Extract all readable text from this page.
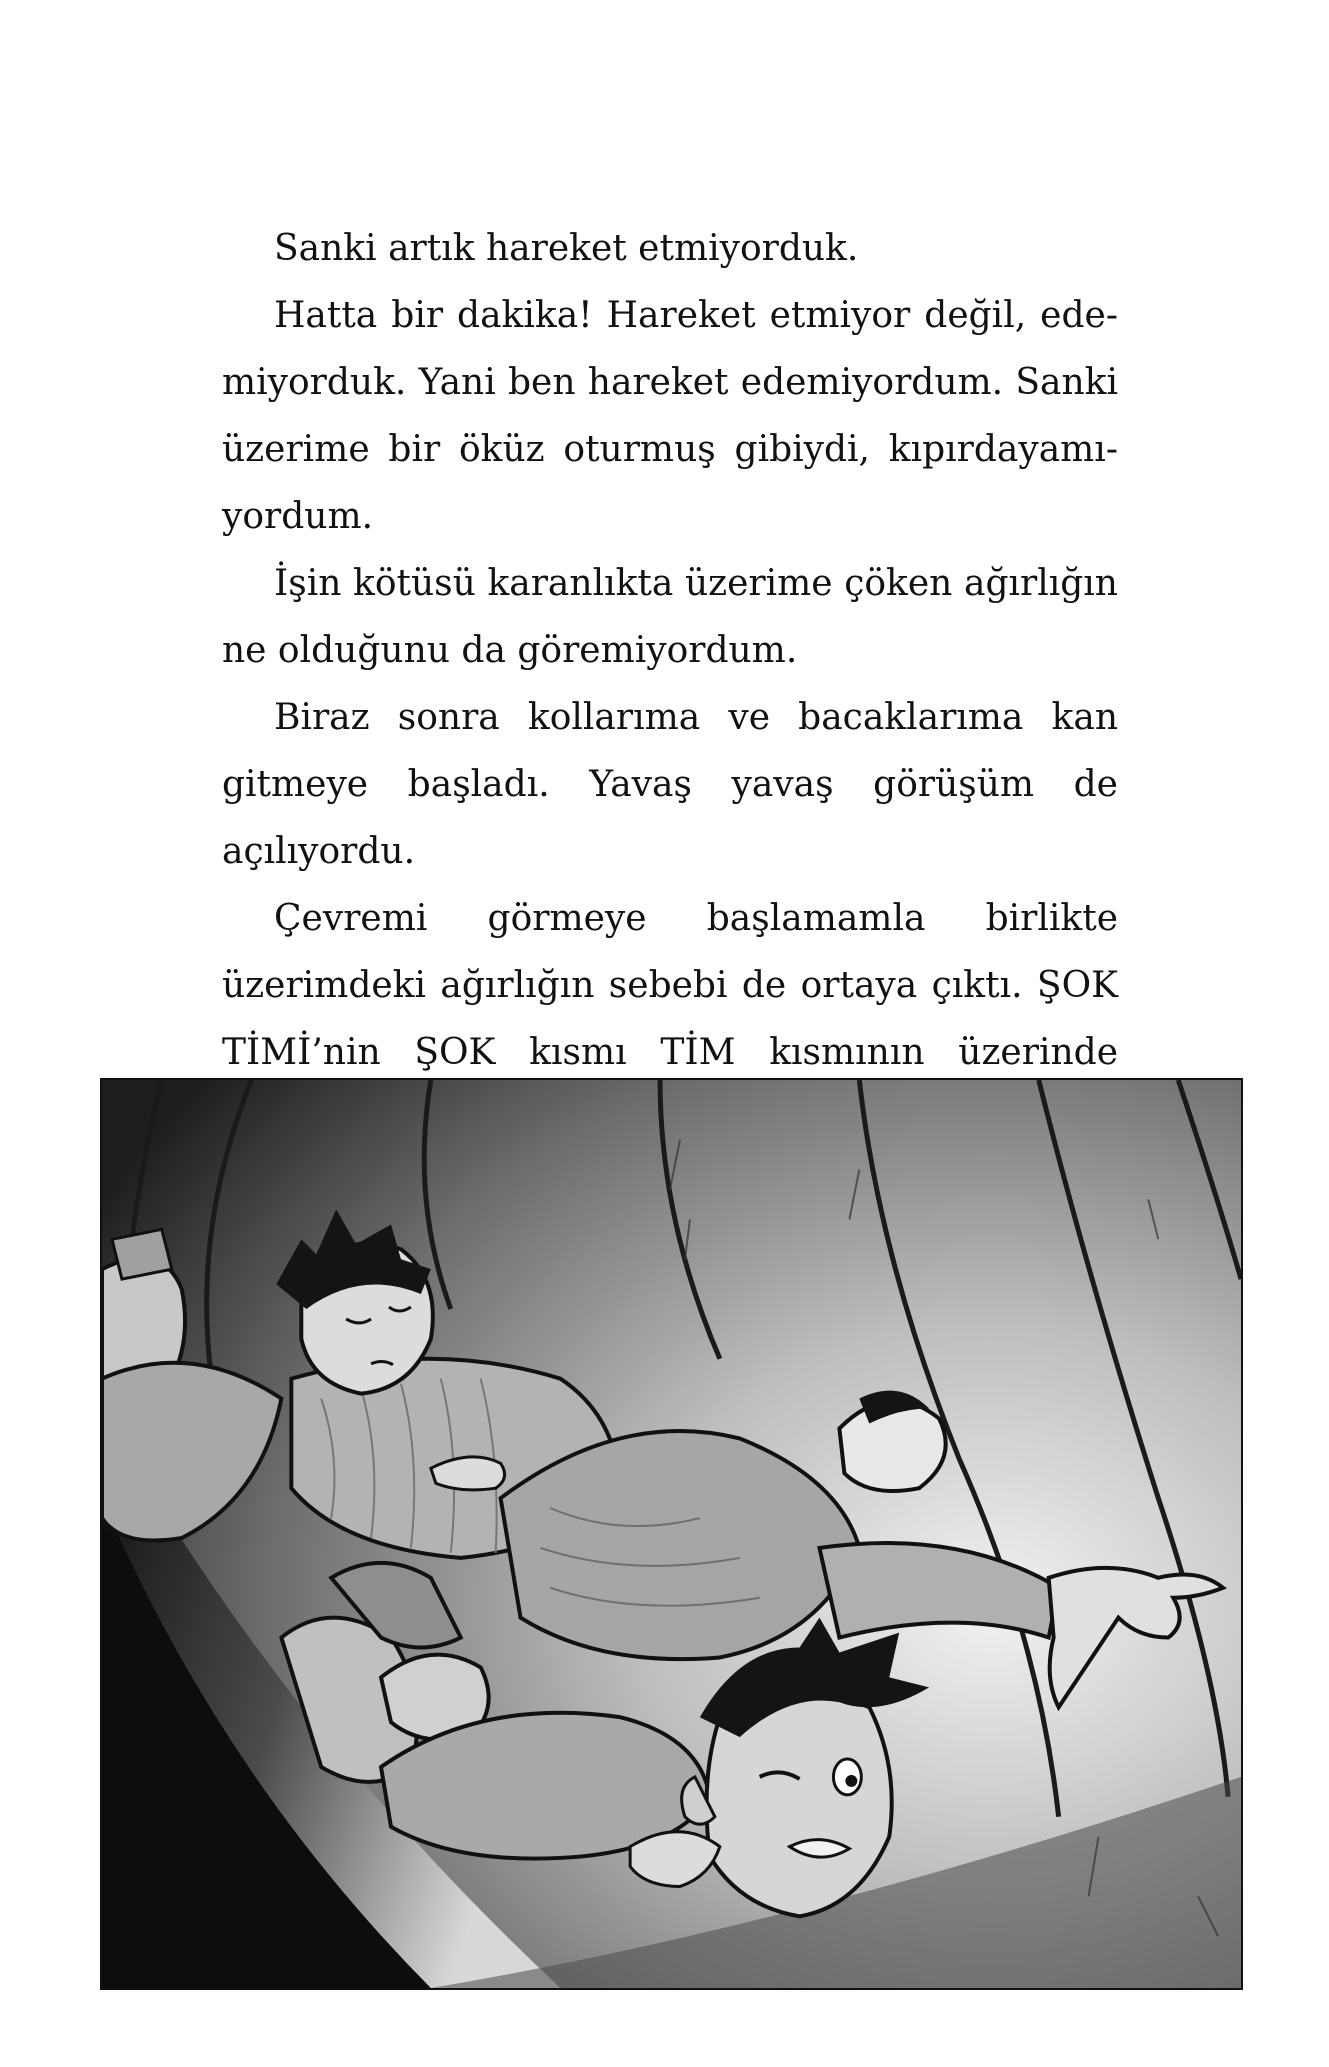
Sanki artık hareket etmiyorduk.

Hatta bir dakika! Hareket etmiyor değil, edemiyorduk. Yani ben hareket edemiyordum. Sanki üzerime bir öküz oturmuş gibiydi, kıpırdayamıyordum.

İşin kötüsü karanlıkta üzerime çöken ağırlığın ne olduğunu da göremiyordum.

Biraz sonra kollarıma ve bacaklarıma kan gitmeye başladı. Yavaş yavaş görüşüm de açılıyordu.

Çevremi görmeye başlamamla birlikte üzerimdeki ağırlığın sebebi de ortaya çıktı. ŞOK TİMİ’nin ŞOK kısmı TİM kısmının üzerinde
